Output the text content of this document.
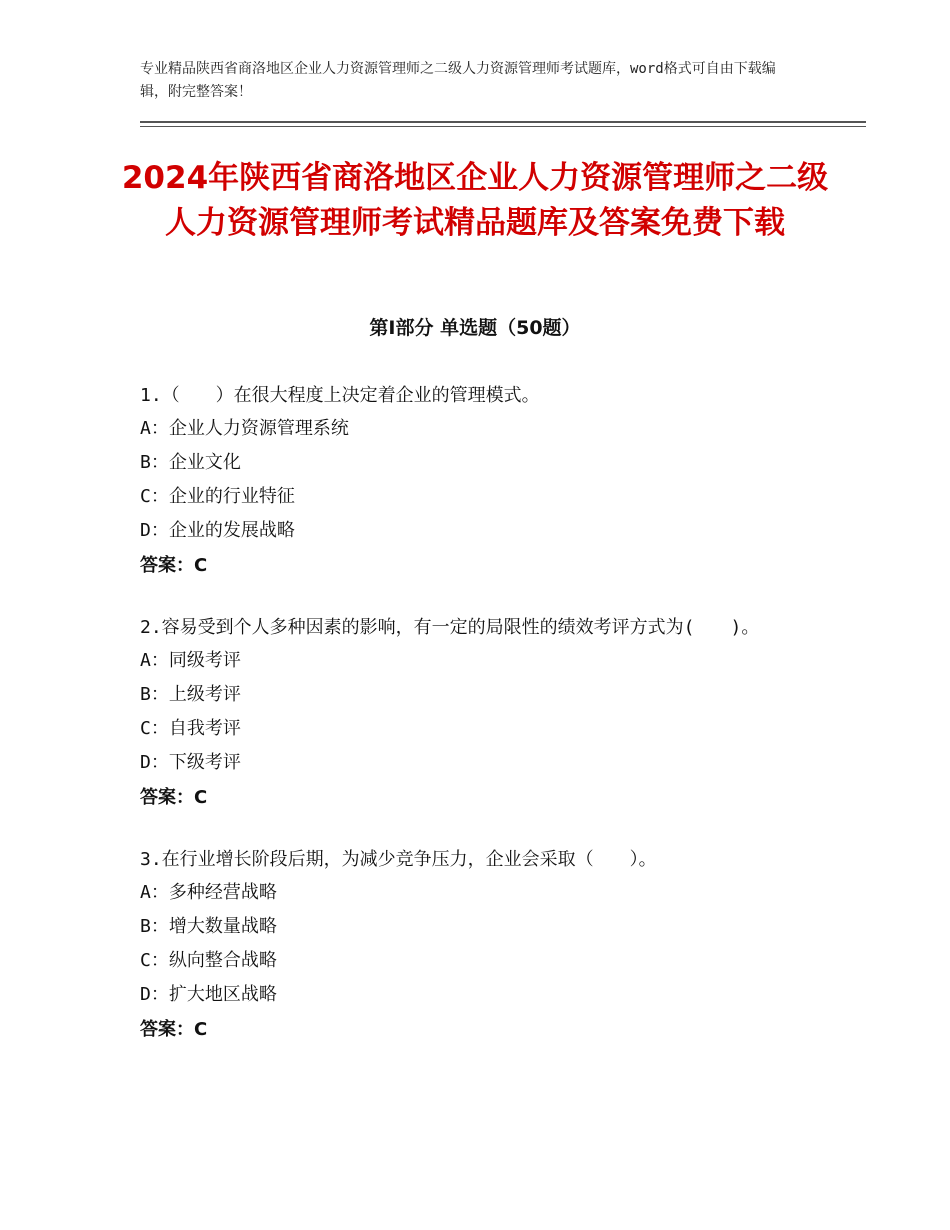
专业精品陕西省商洛地区企业人力资源管理师之二级人力资源管理师考试题库，word格式可自由下载编辑，附完整答案！
2024年陕西省商洛地区企业人力资源管理师之二级人力资源管理师考试精品题库及答案免费下载
第Ⅰ部分 单选题（50题）

1.（　　）在很大程度上决定着企业的管理模式。

A：企业人力资源管理系统

B：企业文化

C：企业的行业特征

D：企业的发展战略

答案：C

2.容易受到个人多种因素的影响，有一定的局限性的绩效考评方式为(　　)。

A：同级考评

B：上级考评

C：自我考评

D：下级考评

答案：C

3.在行业增长阶段后期，为减少竞争压力，企业会采取（　　）。

A：多种经营战略

B：增大数量战略

C：纵向整合战略

D：扩大地区战略

答案：C
